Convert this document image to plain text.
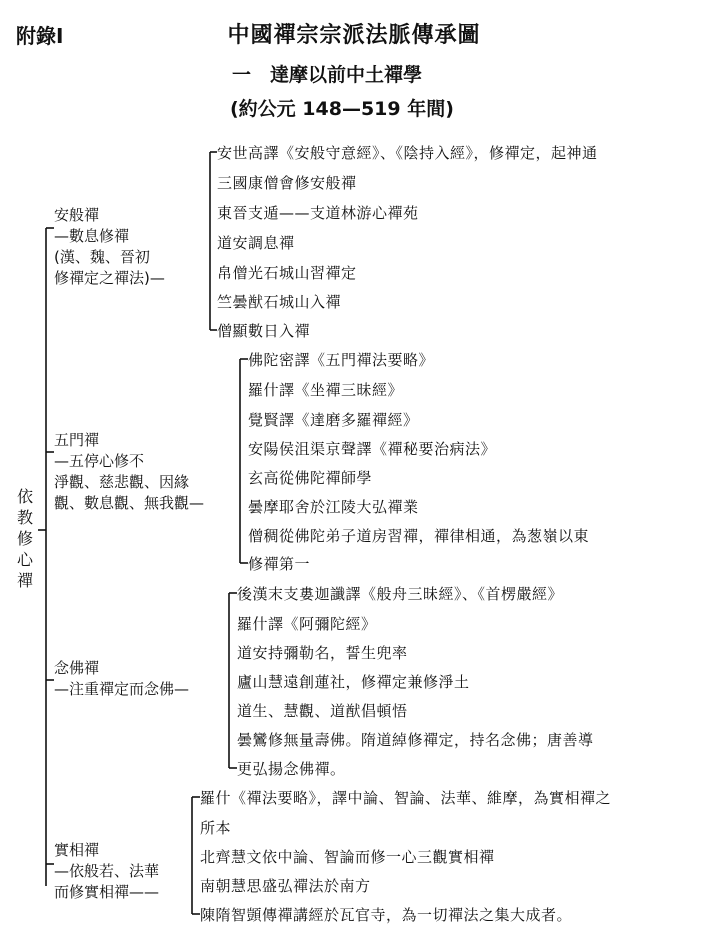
附錄Ⅰ	中國禪宗宗派法脈傳承圖
一　達摩以前中土禪學
(約公元 148—519 年間)
依教修心禪
安般禪
—數息修禪
(漢、魏、晉初
修禪定之禪法)—
安世高譯《安般守意經》、《陰持入經》，修禪定，起神通
三國康僧會修安般禪
東晉支遁——支道林游心禪苑
道安調息禪
帛僧光石城山習禪定
竺曇猷石城山入禪
僧顯數日入禪
五門禪
—五停心修不
淨觀、慈悲觀、因緣
觀、數息觀、無我觀—
佛陀密譯《五門禪法要略》
羅什譯《坐禪三昧經》
覺賢譯《達磨多羅禪經》
安陽侯沮渠京聲譯《禪秘要治病法》
玄高從佛陀禪師學
曇摩耶舍於江陵大弘禪業
僧稠從佛陀弟子道房習禪，禪律相通，為葱嶺以東
修禪第一
念佛禪
—注重禪定而念佛—
後漢末支婁迦讖譯《般舟三昧經》、《首楞嚴經》
羅什譯《阿彌陀經》
道安持彌勒名，誓生兜率
廬山慧遠創蓮社，修禪定兼修淨土
道生、慧觀、道猷倡頓悟
曇鸞修無量壽佛。隋道綽修禪定，持名念佛；唐善導
更弘揚念佛禪。
實相禪
—依般若、法華
而修實相禪——
羅什《禪法要略》，譯中論、智論、法華、維摩，為實相禪之
所本
北齊慧文依中論、智論而修一心三觀實相禪
南朝慧思盛弘禪法於南方
陳隋智顗傳禪講經於瓦官寺，為一切禪法之集大成者。
